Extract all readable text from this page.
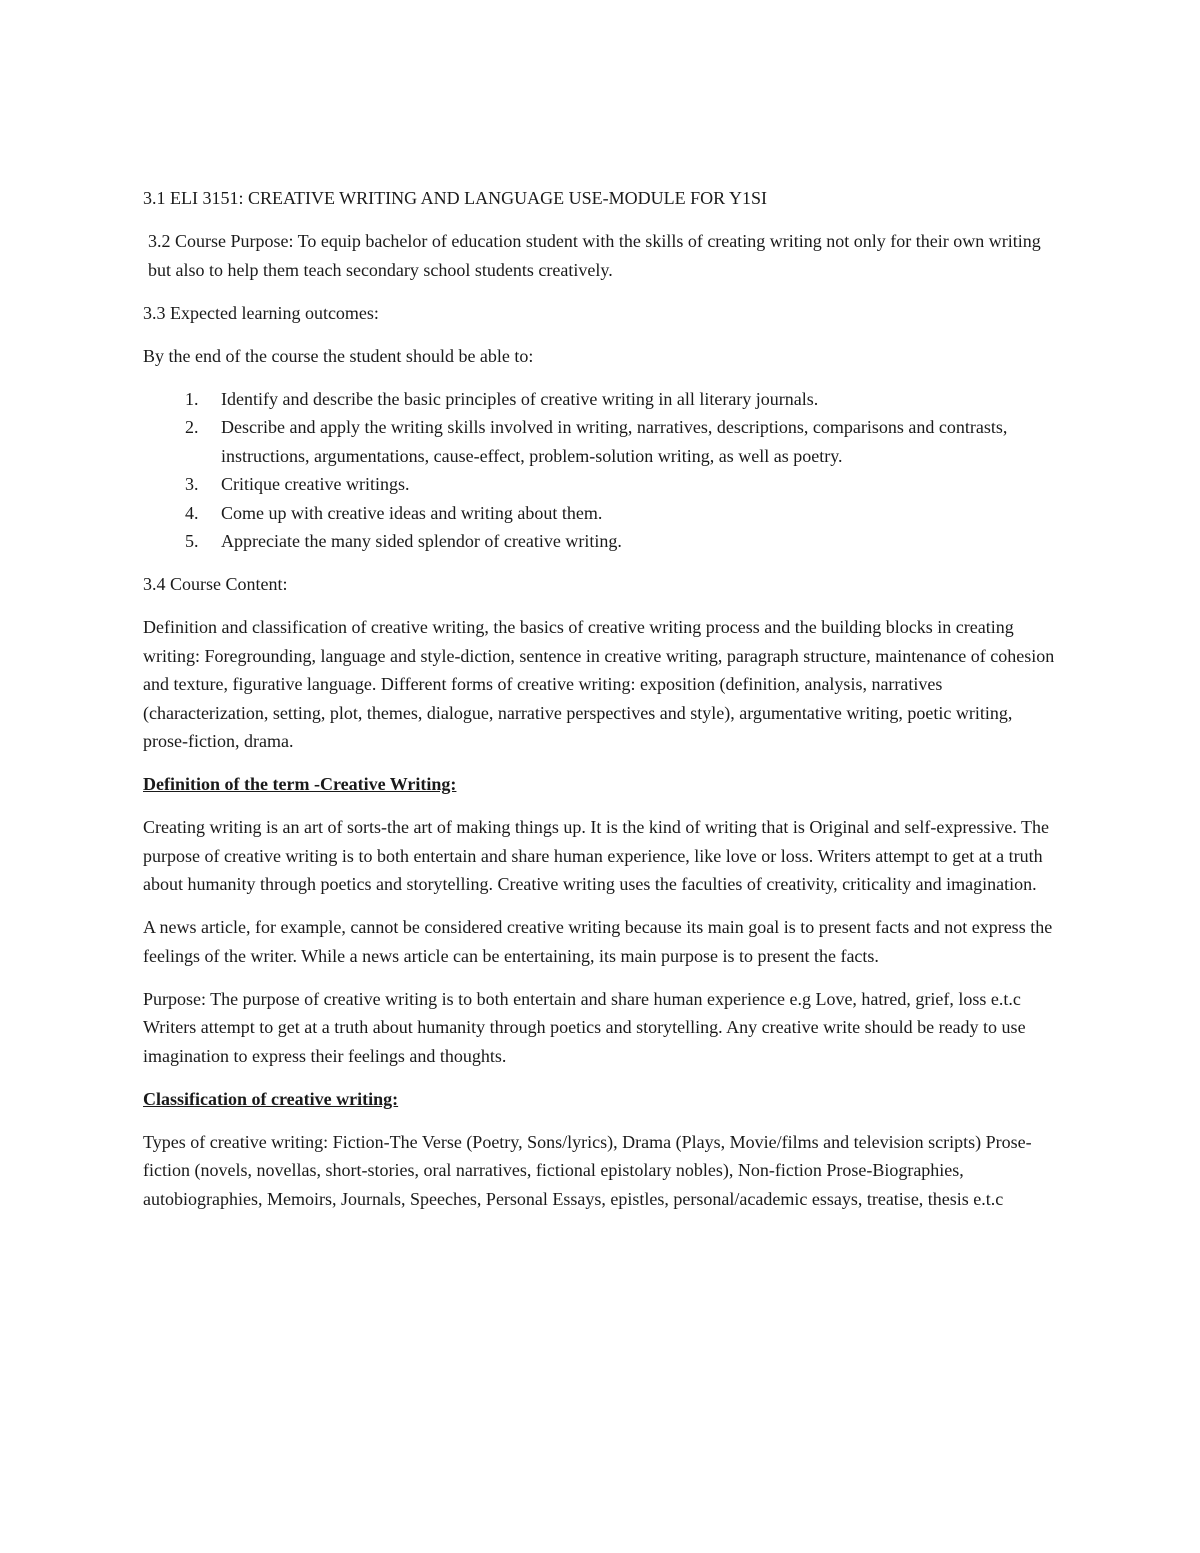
3.1 ELI 3151: CREATIVE WRITING AND LANGUAGE USE-MODULE FOR Y1SI

3.2 Course Purpose: To equip bachelor of education student with the skills of creating writing not only for their own writing but also to help them teach secondary school students creatively.

3.3 Expected learning outcomes:

By the end of the course the student should be able to:

1. Identify and describe the basic principles of creative writing in all literary journals.
2. Describe and apply the writing skills involved in writing, narratives, descriptions, comparisons and contrasts, instructions, argumentations, cause-effect, problem-solution writing, as well as poetry.
3. Critique creative writings.
4. Come up with creative ideas and writing about them.
5. Appreciate the many sided splendor of creative writing.

3.4 Course Content:

Definition and classification of creative writing, the basics of creative writing process and the building blocks in creating writing: Foregrounding, language and style-diction, sentence in creative writing, paragraph structure, maintenance of cohesion and texture, figurative language. Different forms of creative writing: exposition (definition, analysis, narratives (characterization, setting, plot, themes, dialogue, narrative perspectives and style), argumentative writing, poetic writing, prose-fiction, drama.

Definition of the term -Creative Writing:

Creating writing is an art of sorts-the art of making things up. It is the kind of writing that is Original and self-expressive. The purpose of creative writing is to both entertain and share human experience, like love or loss. Writers attempt to get at a truth about humanity through poetics and storytelling. Creative writing uses the faculties of creativity, criticality and imagination.

A news article, for example, cannot be considered creative writing because its main goal is to present facts and not express the feelings of the writer. While a news article can be entertaining, its main purpose is to present the facts.

Purpose: The purpose of creative writing is to both entertain and share human experience e.g Love, hatred, grief, loss e.t.c Writers attempt to get at a truth about humanity through poetics and storytelling. Any creative write should be ready to use imagination to express their feelings and thoughts.

Classification of creative writing:

Types of creative writing: Fiction-The Verse (Poetry, Sons/lyrics), Drama (Plays, Movie/films and television scripts) Prose-fiction (novels, novellas, short-stories, oral narratives, fictional epistolary nobles), Non-fiction Prose-Biographies, autobiographies, Memoirs, Journals, Speeches, Personal Essays, epistles, personal/academic essays, treatise, thesis e.t.c
